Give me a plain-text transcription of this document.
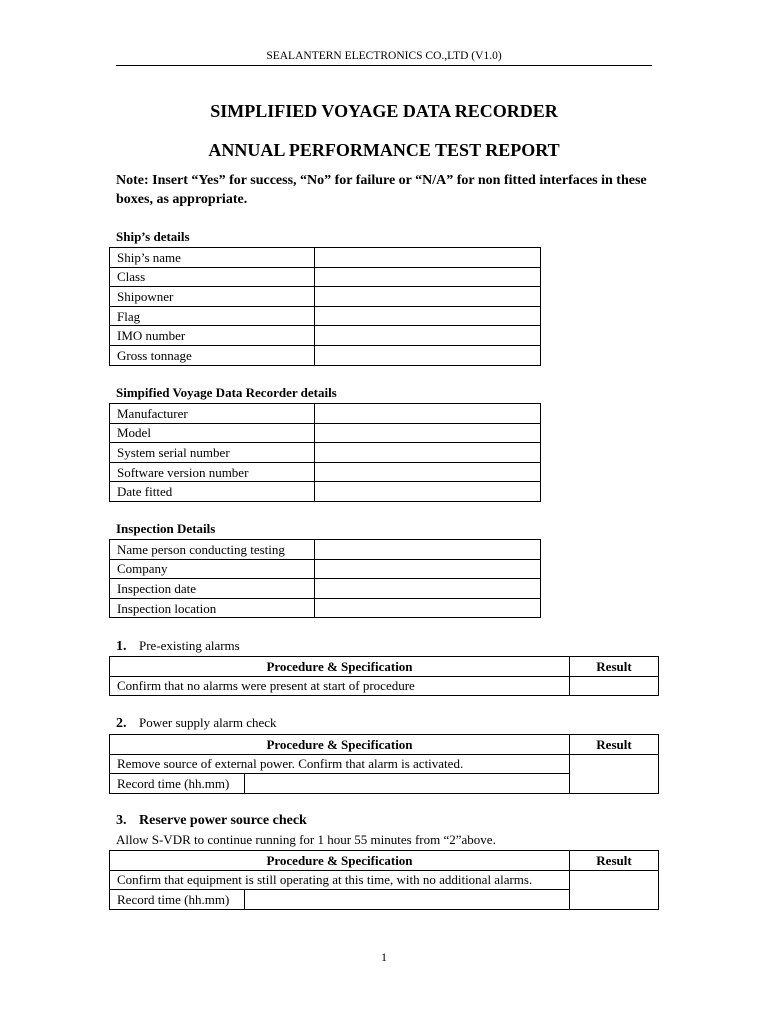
SEALANTERN ELECTRONICS CO.,LTD (V1.0)
SIMPLIFIED VOYAGE DATA RECORDER
ANNUAL PERFORMANCE TEST REPORT
Note: Insert “Yes” for success, “No” for failure or “N/A” for non fitted interfaces in these boxes, as appropriate.
Ship’s details
Ship’s name	
Class	
Shipowner	
Flag	
IMO number	
Gross tonnage	
Simpified Voyage Data Recorder details
Manufacturer	
Model	
System serial number	
Software version number	
Date fitted	
Inspection Details
Name person conducting testing	
Company	
Inspection date	
Inspection location	
1. Pre-existing alarms
Procedure & Specification	Result
Confirm that no alarms were present at start of procedure	
2. Power supply alarm check
Procedure & Specification		Result
Remove source of external power. Confirm that alarm is activated.		
Record time (hh.mm)		
3. Reserve power source check
Allow S-VDR to continue running for 1 hour 55 minutes from “2”above.
Procedure & Specification		Result
Confirm that equipment is still operating at this time, with no additional alarms.		
Record time (hh.mm)		
1
